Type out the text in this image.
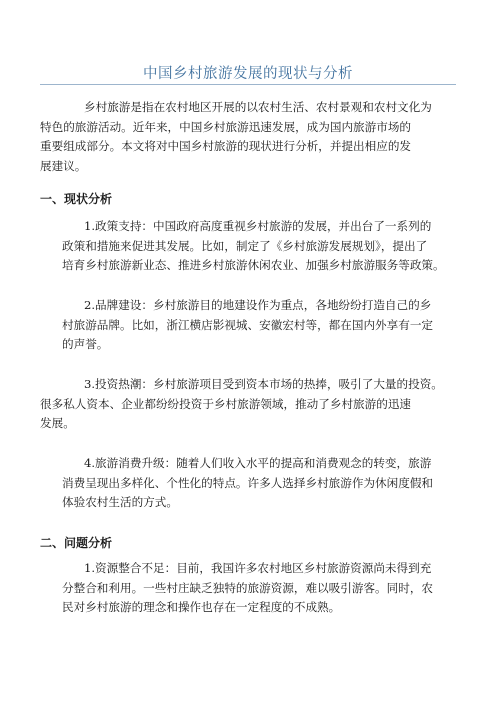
中国乡村旅游发展的现状与分析
乡村旅游是指在农村地区开展的以农村生活、农村景观和农村文化为
特色的旅游活动。近年来，中国乡村旅游迅速发展，成为国内旅游市场的
重要组成部分。本文将对中国乡村旅游的现状进行分析，并提出相应的发
展建议。
一、现状分析
1.政策支持：中国政府高度重视乡村旅游的发展，并出台了一系列的
政策和措施来促进其发展。比如，制定了《乡村旅游发展规划》，提出了
培育乡村旅游新业态、推进乡村旅游休闲农业、加强乡村旅游服务等政策。
2.品牌建设：乡村旅游目的地建设作为重点，各地纷纷打造自己的乡
村旅游品牌。比如，浙江横店影视城、安徽宏村等，都在国内外享有一定
的声誉。
3.投资热潮：乡村旅游项目受到资本市场的热捧，吸引了大量的投资。
很多私人资本、企业都纷纷投资于乡村旅游领域，推动了乡村旅游的迅速
发展。
4.旅游消费升级：随着人们收入水平的提高和消费观念的转变，旅游
消费呈现出多样化、个性化的特点。许多人选择乡村旅游作为休闲度假和
体验农村生活的方式。
二、问题分析
1.资源整合不足：目前，我国许多农村地区乡村旅游资源尚未得到充
分整合和利用。一些村庄缺乏独特的旅游资源，难以吸引游客。同时，农
民对乡村旅游的理念和操作也存在一定程度的不成熟。
